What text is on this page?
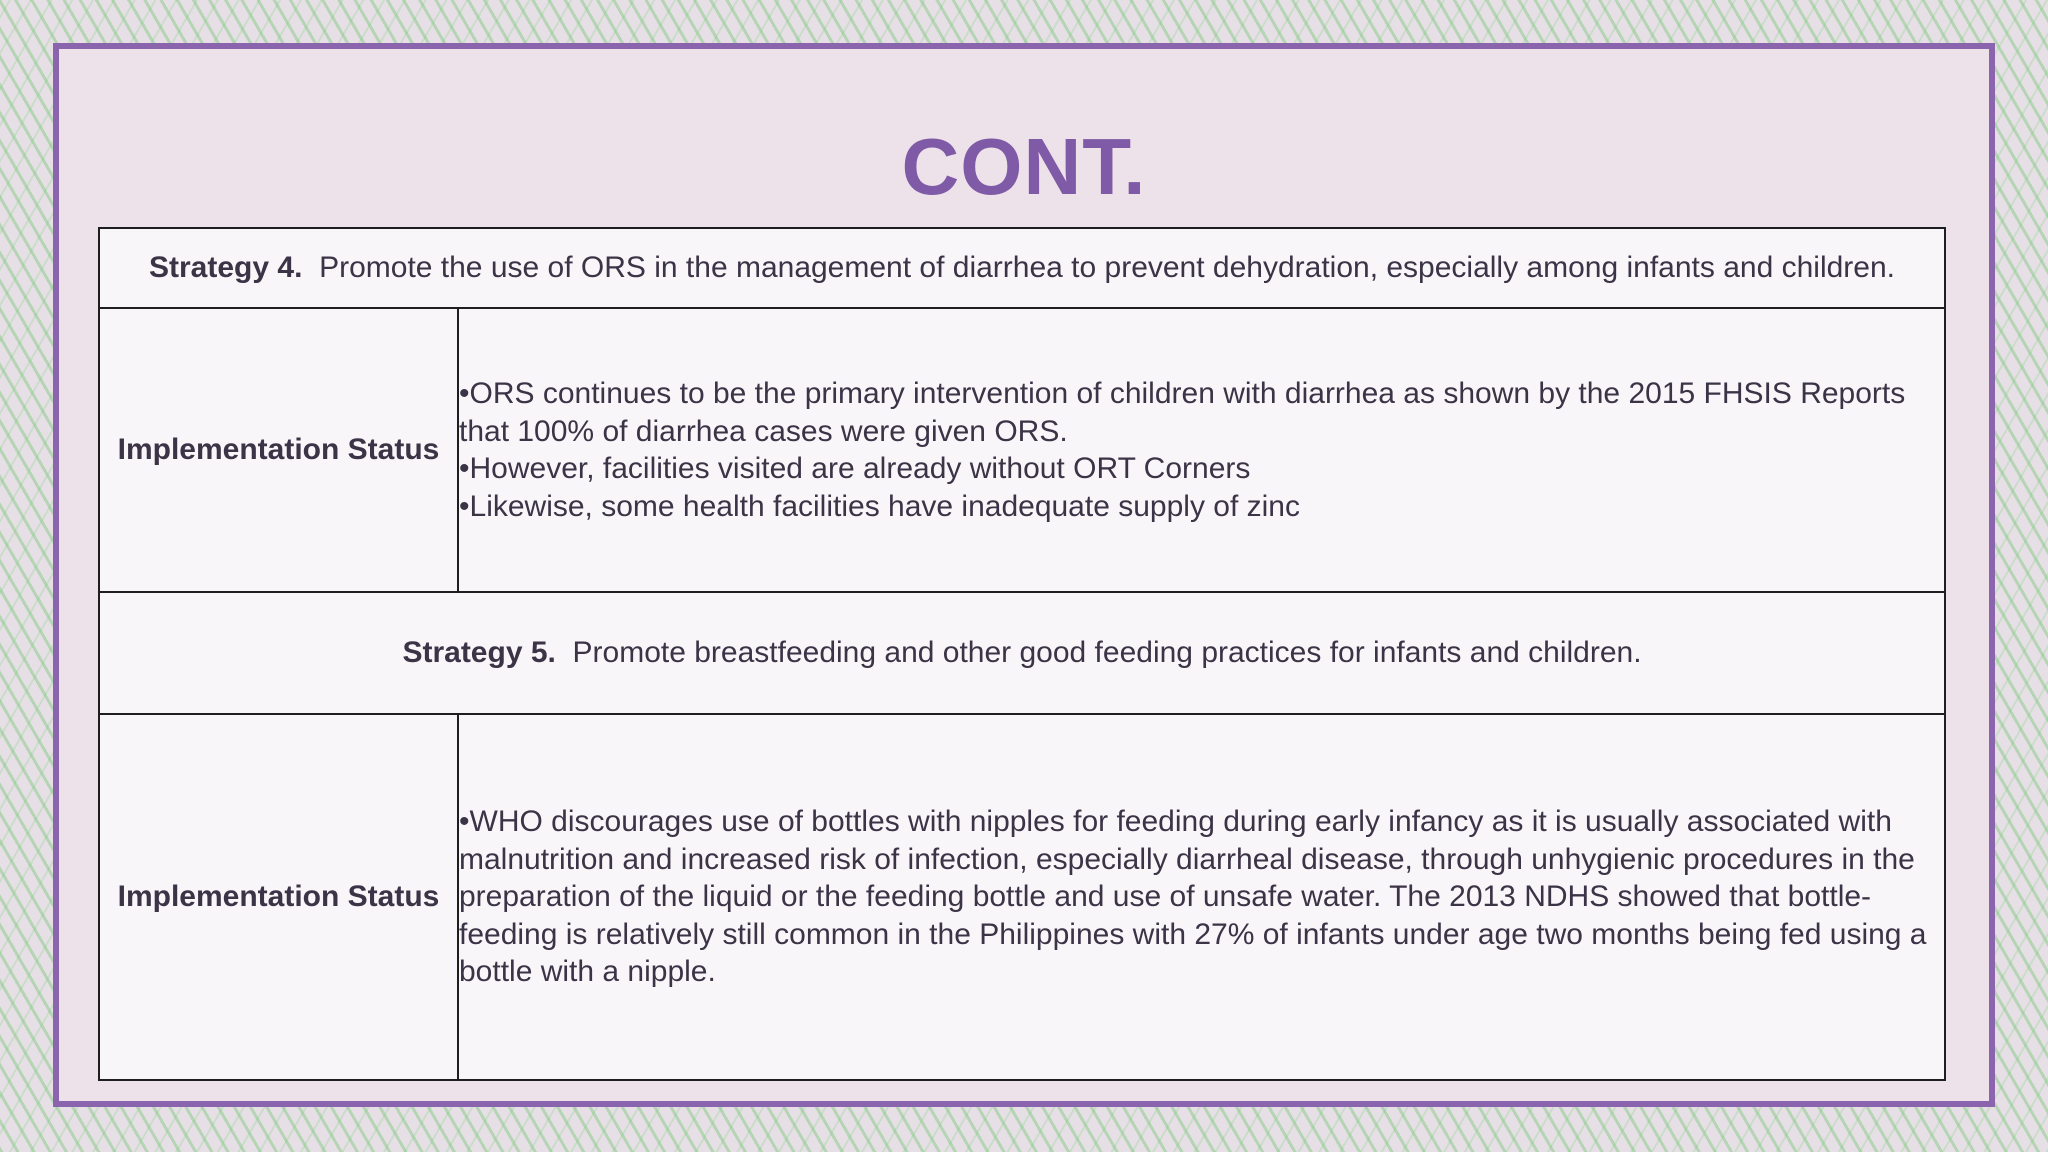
CONT.
Strategy 4. Promote the use of ORS in the management of diarrhea to prevent dehydration, especially among infants and children.	
Implementation Status	•ORS continues to be the primary intervention of children with diarrhea as shown by the 2015 FHSIS Reports that 100% of diarrhea cases were given ORS.
•However, facilities visited are already without ORT Corners
•Likewise, some health facilities have inadequate supply of zinc

Strategy 5. Promote breastfeeding and other good feeding practices for infants and children.	
Implementation Status	•WHO discourages use of bottles with nipples for feeding during early infancy as it is usually associated with malnutrition and increased risk of infection, especially diarrheal disease, through unhygienic procedures in the preparation of the liquid or the feeding bottle and use of unsafe water. The 2013 NDHS showed that bottle-feeding is relatively still common in the Philippines with 27% of infants under age two months being fed using a bottle with a nipple.
